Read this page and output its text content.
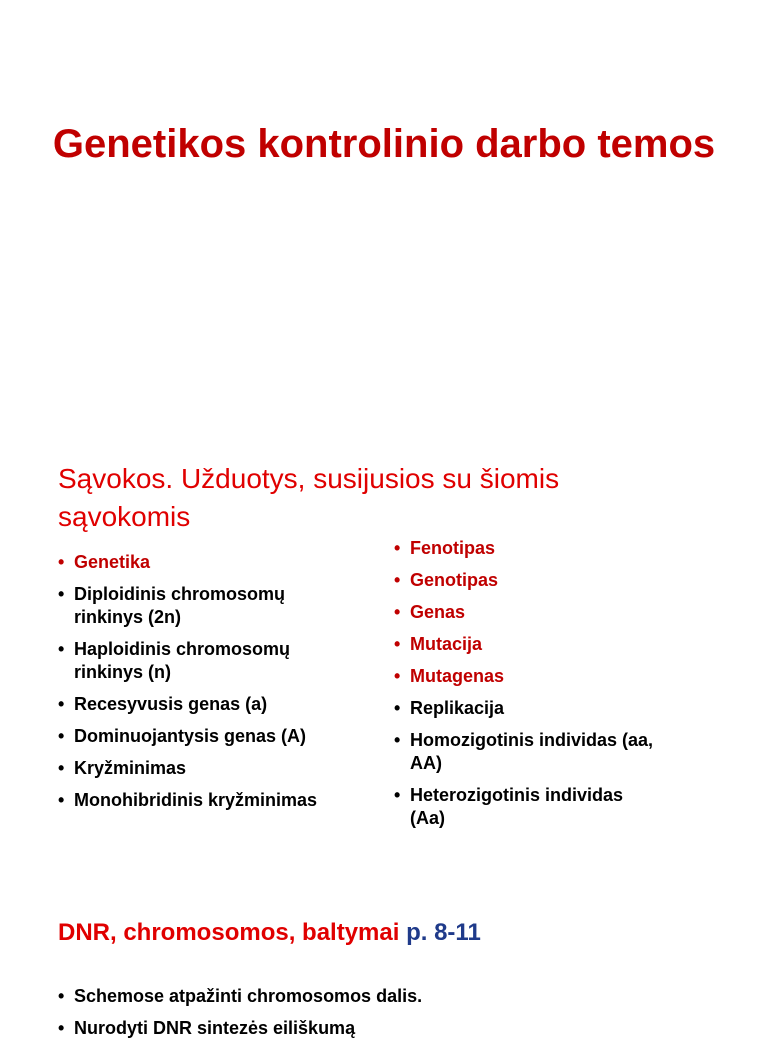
Genetikos kontrolinio darbo temos
Sąvokos. Užduotys, susijusios su šiomis sąvokomis
• Genetika
• Diploidinis chromosomų rinkinys (2n)
• Haploidinis chromosomų rinkinys (n)
• Recesyvusis genas (a)
• Dominuojantysis genas (A)
• Kryžminimas
• Monohibridinis kryžminimas
• Fenotipas
• Genotipas
• Genas
• Mutacija
• Mutagenas
• Replikacija
• Homozigotinis individas (aa, AA)
• Heterozigotinis individas (Aa)
DNR, chromosomos, baltymai p. 8-11
• Schemose atpažinti chromosomos dalis.
• Nurodyti DNR sintezės eiliškumą
